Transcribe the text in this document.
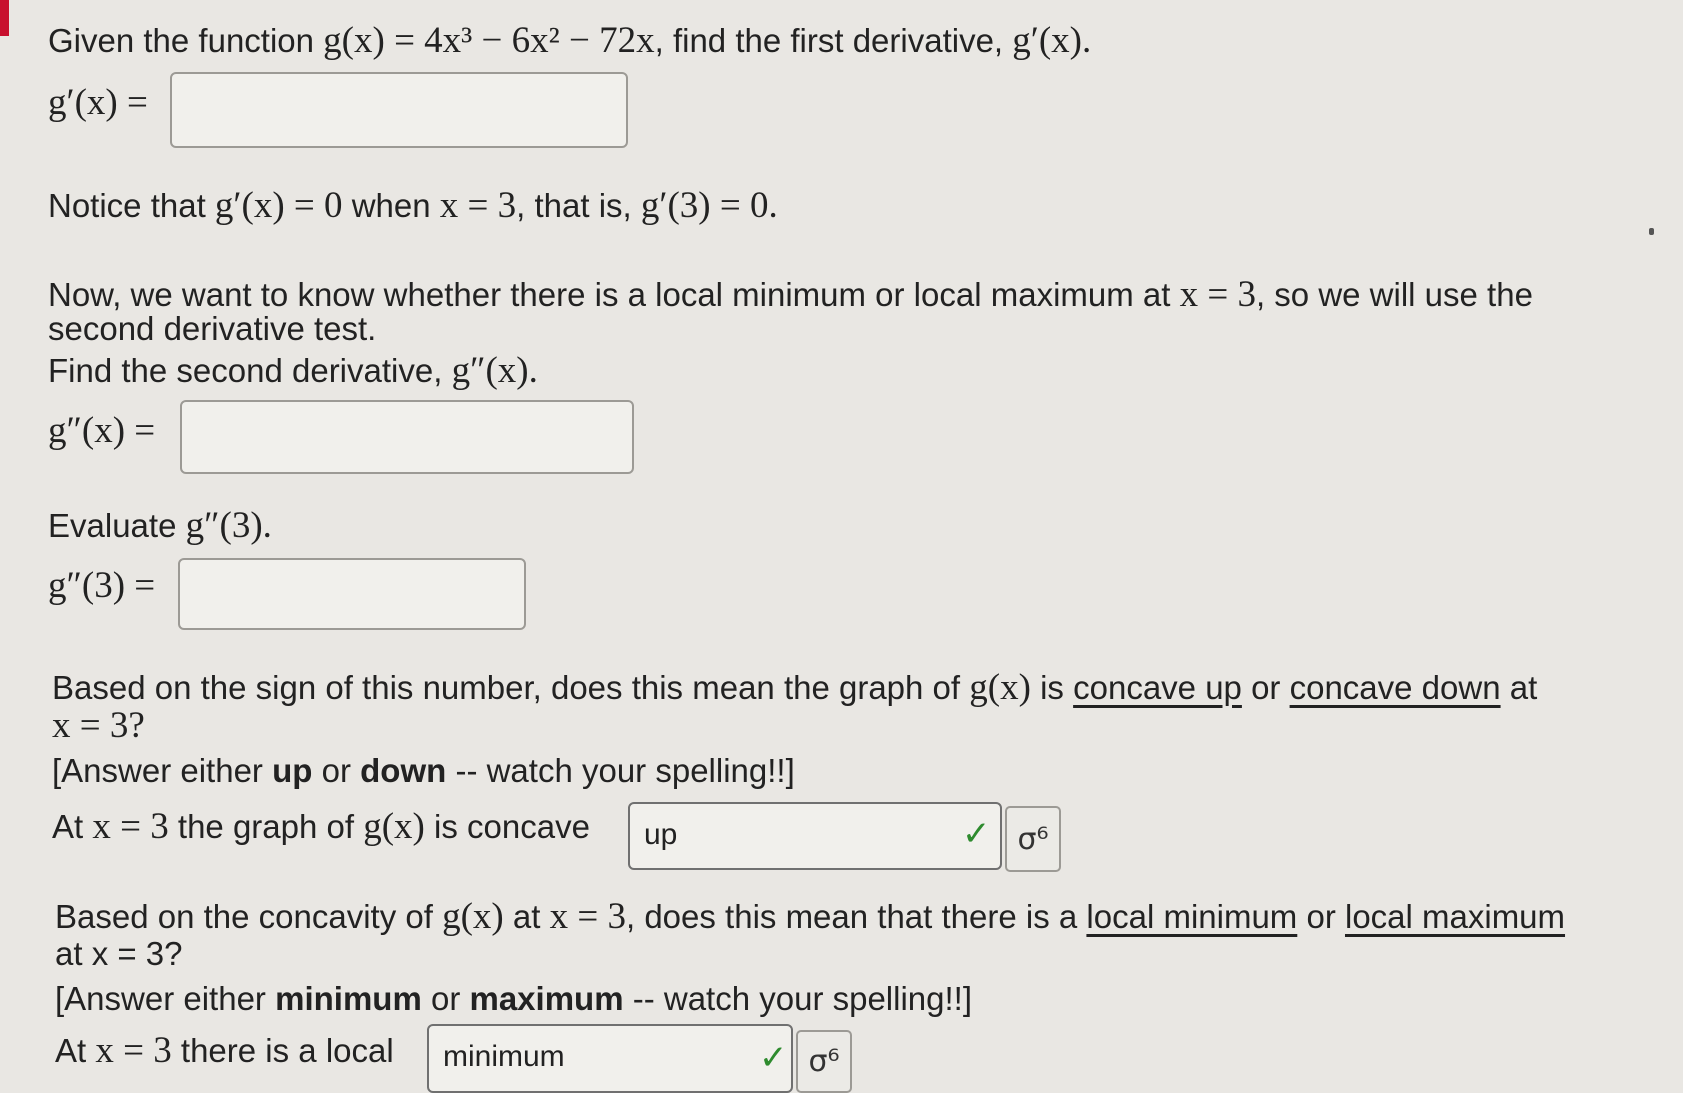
Given the function g(x) = 4x³ − 6x² − 72x, find the first derivative, g′(x).
g′(x) =
Notice that g′(x) = 0 when x = 3, that is, g′(3) = 0.
Now, we want to know whether there is a local minimum or local maximum at x = 3, so we will use the
second derivative test.
Find the second derivative, g″(x).
g″(x) =
Evaluate g″(3).
g″(3) =
Based on the sign of this number, does this mean the graph of g(x) is concave up or concave down at
x = 3?
[Answer either up or down -- watch your spelling!!]
At x = 3 the graph of g(x) is concave up	✓ σ⁶
Based on the concavity of g(x) at x = 3, does this mean that there is a local minimum or local maximum
at x = 3?
[Answer either minimum or maximum -- watch your spelling!!]
At x = 3 there is a local minimum	✓ σ⁶
